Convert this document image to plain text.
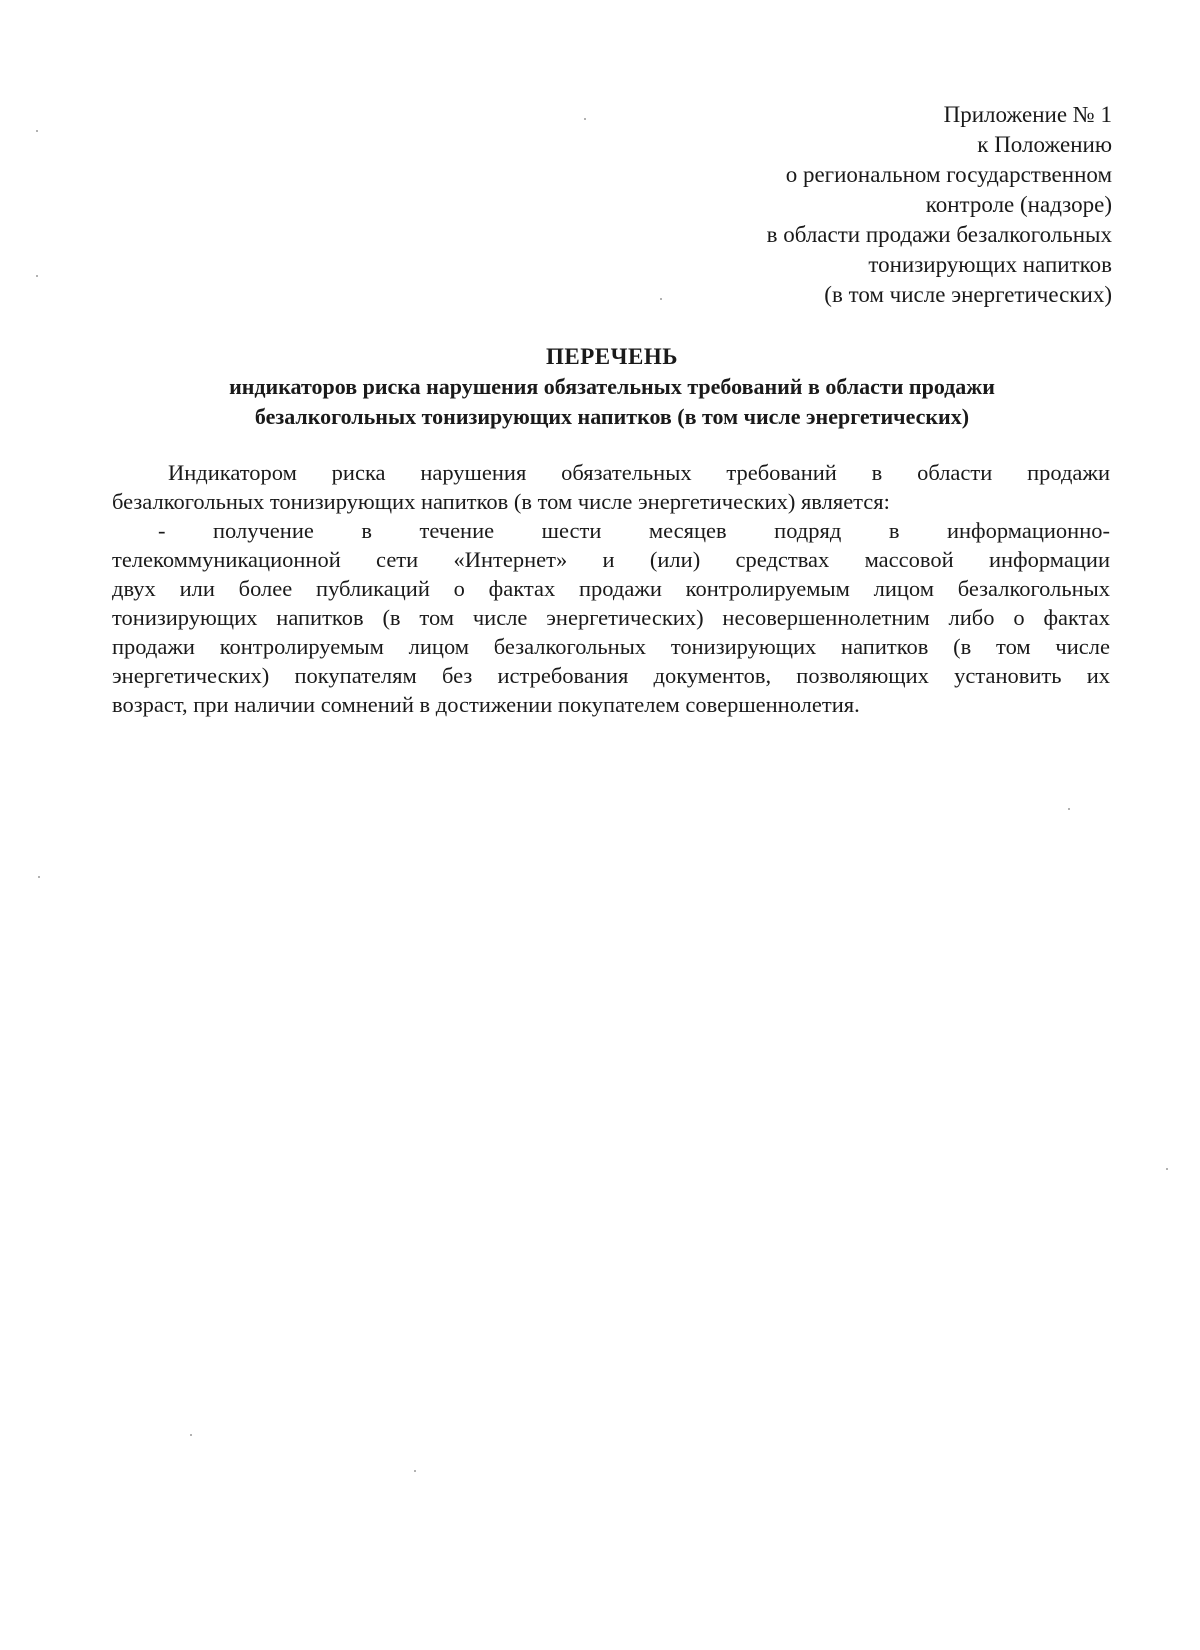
Приложение № 1
к Положению
о региональном государственном
контроле (надзоре)
в области продажи безалкогольных
тонизирующих напитков
(в том числе энергетических)
ПЕРЕЧЕНЬ
индикаторов риска нарушения обязательных требований в области продажи
безалкогольных тонизирующих напитков (в том числе энергетических)
Индикатором риска нарушения обязательных требований в области продажи
безалкогольных тонизирующих напитков (в том числе энергетических) является:
- получение в течение шести месяцев подряд в информационно-
телекоммуникационной сети «Интернет» и (или) средствах массовой информации
двух или более публикаций о фактах продажи контролируемым лицом безалкогольных
тонизирующих напитков (в том числе энергетических) несовершеннолетним либо о фактах
продажи контролируемым лицом безалкогольных тонизирующих напитков (в том числе
энергетических) покупателям без истребования документов, позволяющих установить их
возраст, при наличии сомнений в достижении покупателем совершеннолетия.
